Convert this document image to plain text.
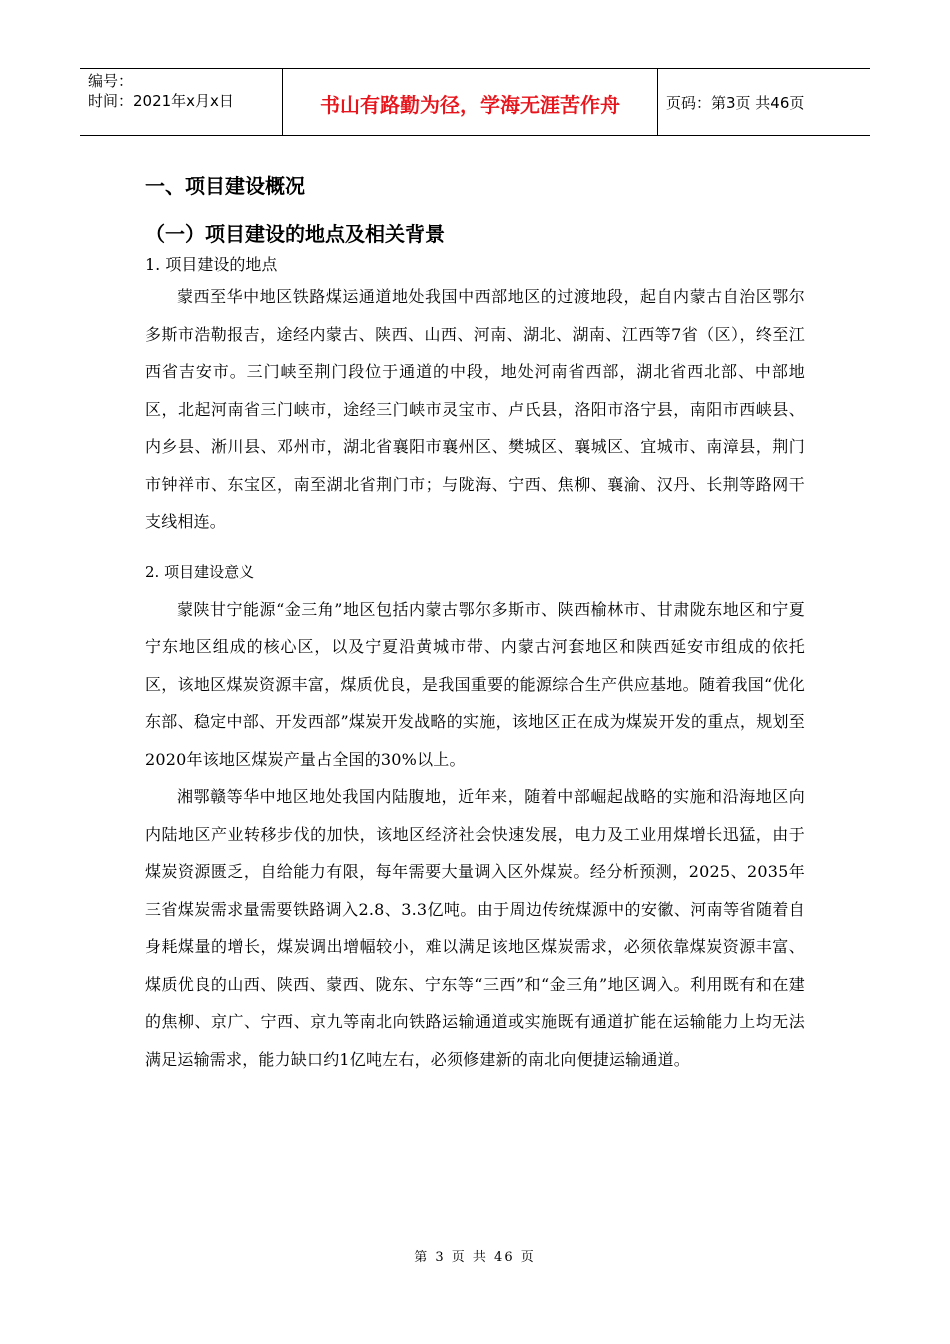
编号：
时间：2021年x月x日	书山有路勤为径，学海无涯苦作舟	页码：第3页 共46页
一、项目建设概况
（一）项目建设的地点及相关背景
1. 项目建设的地点

蒙西至华中地区铁路煤运通道地处我国中西部地区的过渡地段，起自内蒙古自治区鄂尔多斯市浩勒报吉，途经内蒙古、陕西、山西、河南、湖北、湖南、江西等7省（区），终至江西省吉安市。三门峡至荆门段位于通道的中段，地处河南省西部，湖北省西北部、中部地区，北起河南省三门峡市，途经三门峡市灵宝市、卢氏县，洛阳市洛宁县，南阳市西峡县、内乡县、淅川县、邓州市，湖北省襄阳市襄州区、樊城区、襄城区、宜城市、南漳县，荆门市钟祥市、东宝区，南至湖北省荆门市；与陇海、宁西、焦柳、襄渝、汉丹、长荆等路网干支线相连。

2. 项目建设意义

蒙陕甘宁能源“金三角”地区包括内蒙古鄂尔多斯市、陕西榆林市、甘肃陇东地区和宁夏宁东地区组成的核心区，以及宁夏沿黄城市带、内蒙古河套地区和陕西延安市组成的依托区，该地区煤炭资源丰富，煤质优良，是我国重要的能源综合生产供应基地。随着我国“优化东部、稳定中部、开发西部”煤炭开发战略的实施，该地区正在成为煤炭开发的重点，规划至2020年该地区煤炭产量占全国的30%以上。

湘鄂赣等华中地区地处我国内陆腹地，近年来，随着中部崛起战略的实施和沿海地区向内陆地区产业转移步伐的加快，该地区经济社会快速发展，电力及工业用煤增长迅猛，由于煤炭资源匮乏，自给能力有限，每年需要大量调入区外煤炭。经分析预测，2025、2035年三省煤炭需求量需要铁路调入2.8、3.3亿吨。由于周边传统煤源中的安徽、河南等省随着自身耗煤量的增长，煤炭调出增幅较小，难以满足该地区煤炭需求，必须依靠煤炭资源丰富、煤质优良的山西、陕西、蒙西、陇东、宁东等“三西”和“金三角”地区调入。利用既有和在建的焦柳、京广、宁西、京九等南北向铁路运输通道或实施既有通道扩能在运输能力上均无法满足运输需求，能力缺口约1亿吨左右，必须修建新的南北向便捷运输通道。

第 3 页 共 46 页
